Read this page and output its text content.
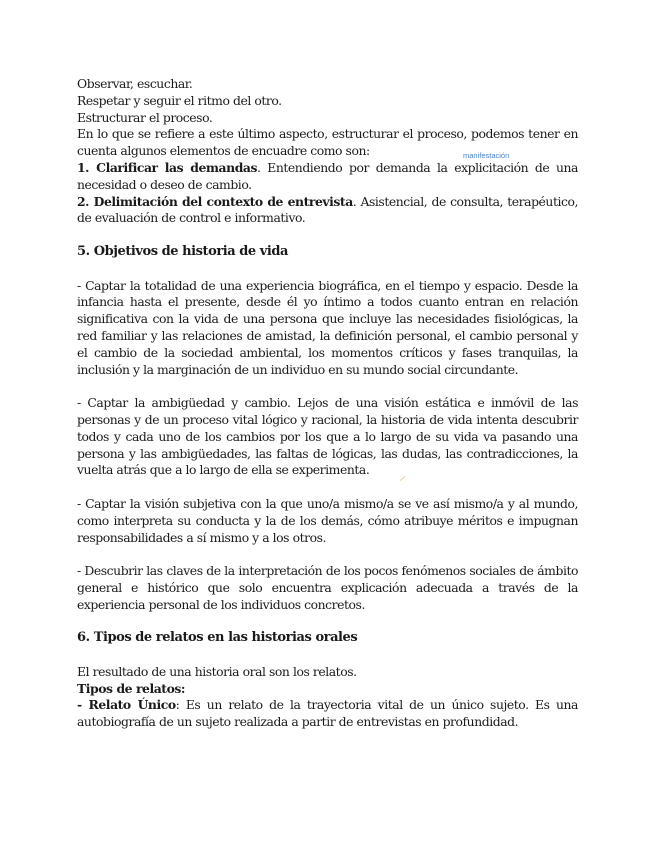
Observar, escuchar.

Respetar y seguir el ritmo del otro.

Estructurar el proceso.

En lo que se refiere a este último aspecto, estructurar el proceso, podemos tener en cuenta algunos elementos de encuadre como son:

1. Clarificar las demandas. Entendiendo por demanda la explicitación de una necesidad o deseo de cambio.

2. Delimitación del contexto de entrevista. Asistencial, de consulta, terapéutico, de evaluación de control e informativo.

5. Objetivos de historia de vida

- Captar la totalidad de una experiencia biográfica, en el tiempo y espacio. Desde la infancia hasta el presente, desde él yo íntimo a todos cuanto entran en relación significativa con la vida de una persona que incluye las necesidades fisiológicas, la red familiar y las relaciones de amistad, la definición personal, el cambio personal y el cambio de la sociedad ambiental, los momentos críticos y fases tranquilas, la inclusión y la marginación de un individuo en su mundo social circundante.

- Captar la ambigüedad y cambio. Lejos de una visión estática e inmóvil de las personas y de un proceso vital lógico y racional, la historia de vida intenta descubrir todos y cada uno de los cambios por los que a lo largo de su vida va pasando una persona y las ambigüedades, las faltas de lógicas, las dudas, las contradicciones, la vuelta atrás que a lo largo de ella se experimenta.

- Captar la visión subjetiva con la que uno/a mismo/a se ve así mismo/a y al mundo, como interpreta su conducta y la de los demás, cómo atribuye méritos e impugnan responsabilidades a sí mismo y a los otros.

- Descubrir las claves de la interpretación de los pocos fenómenos sociales de ámbito general e histórico que solo encuentra explicación adecuada a través de la experiencia personal de los individuos concretos.

6. Tipos de relatos en las historias orales

El resultado de una historia oral son los relatos.

Tipos de relatos:

- Relato Único: Es un relato de la trayectoria vital de un único sujeto. Es una autobiografía de un sujeto realizada a partir de entrevistas en profundidad.

manifestación
